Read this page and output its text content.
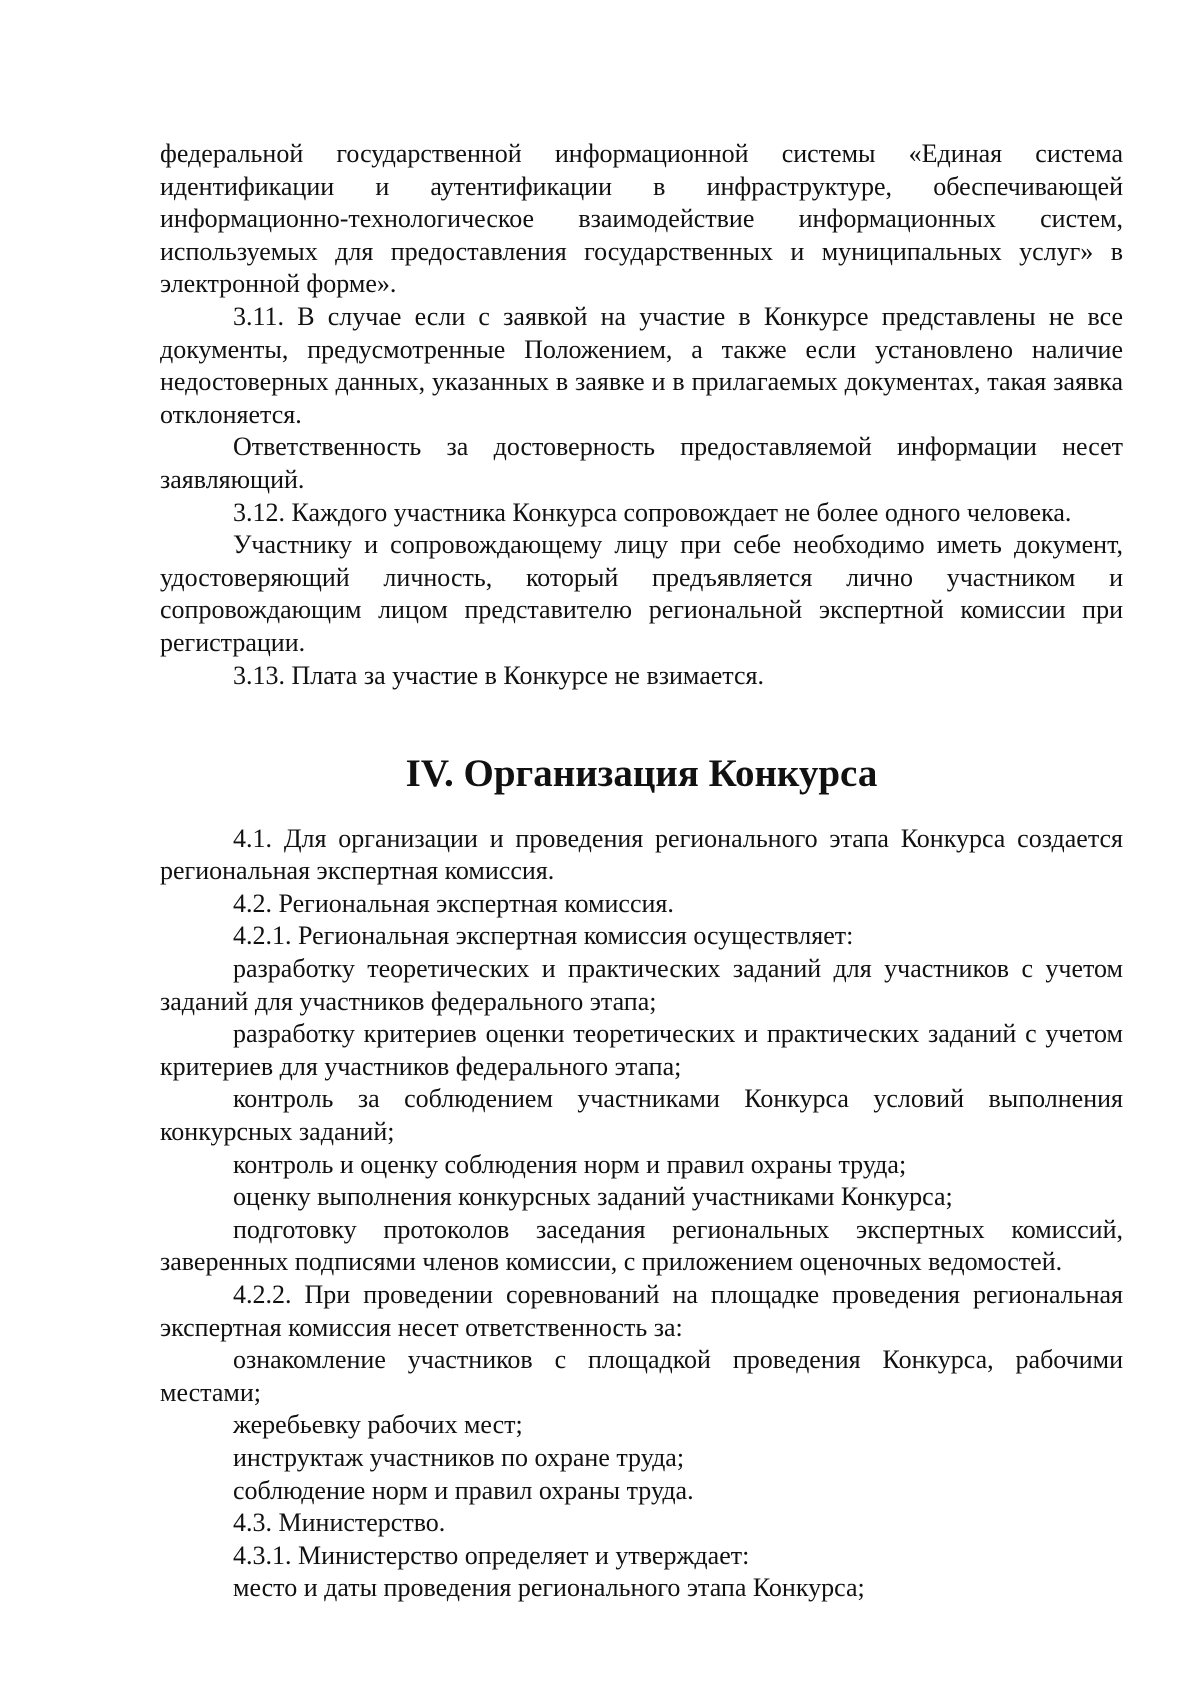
федеральной государственной информационной системы «Единая система идентификации и аутентификации в инфраструктуре, обеспечивающей информационно-технологическое взаимодействие информационных систем, используемых для предоставления государственных и муниципальных услуг» в электронной форме».

3.11. В случае если с заявкой на участие в Конкурсе представлены не все документы, предусмотренные Положением, а также если установлено наличие недостоверных данных, указанных в заявке и в прилагаемых документах, такая заявка отклоняется.

Ответственность за достоверность предоставляемой информации несет заявляющий.

3.12. Каждого участника Конкурса сопровождает не более одного человека.

Участнику и сопровождающему лицу при себе необходимо иметь документ, удостоверяющий личность, который предъявляется лично участником и сопровождающим лицом представителю региональной экспертной комиссии при регистрации.

3.13. Плата за участие в Конкурсе не взимается.

IV. Организация Конкурса

4.1. Для организации и проведения регионального этапа Конкурса создается региональная экспертная комиссия.

4.2. Региональная экспертная комиссия.

4.2.1. Региональная экспертная комиссия осуществляет:

разработку теоретических и практических заданий для участников с учетом заданий для участников федерального этапа;

разработку критериев оценки теоретических и практических заданий с учетом критериев для участников федерального этапа;

контроль за соблюдением участниками Конкурса условий выполнения конкурсных заданий;

контроль и оценку соблюдения норм и правил охраны труда;

оценку выполнения конкурсных заданий участниками Конкурса;

подготовку протоколов заседания региональных экспертных комиссий, заверенных подписями членов комиссии, с приложением оценочных ведомостей.

4.2.2. При проведении соревнований на площадке проведения региональная экспертная комиссия несет ответственность за:

ознакомление участников с площадкой проведения Конкурса, рабочими местами;

жеребьевку рабочих мест;

инструктаж участников по охране труда;

соблюдение норм и правил охраны труда.

4.3. Министерство.

4.3.1. Министерство определяет и утверждает:

место и даты проведения регионального этапа Конкурса;
